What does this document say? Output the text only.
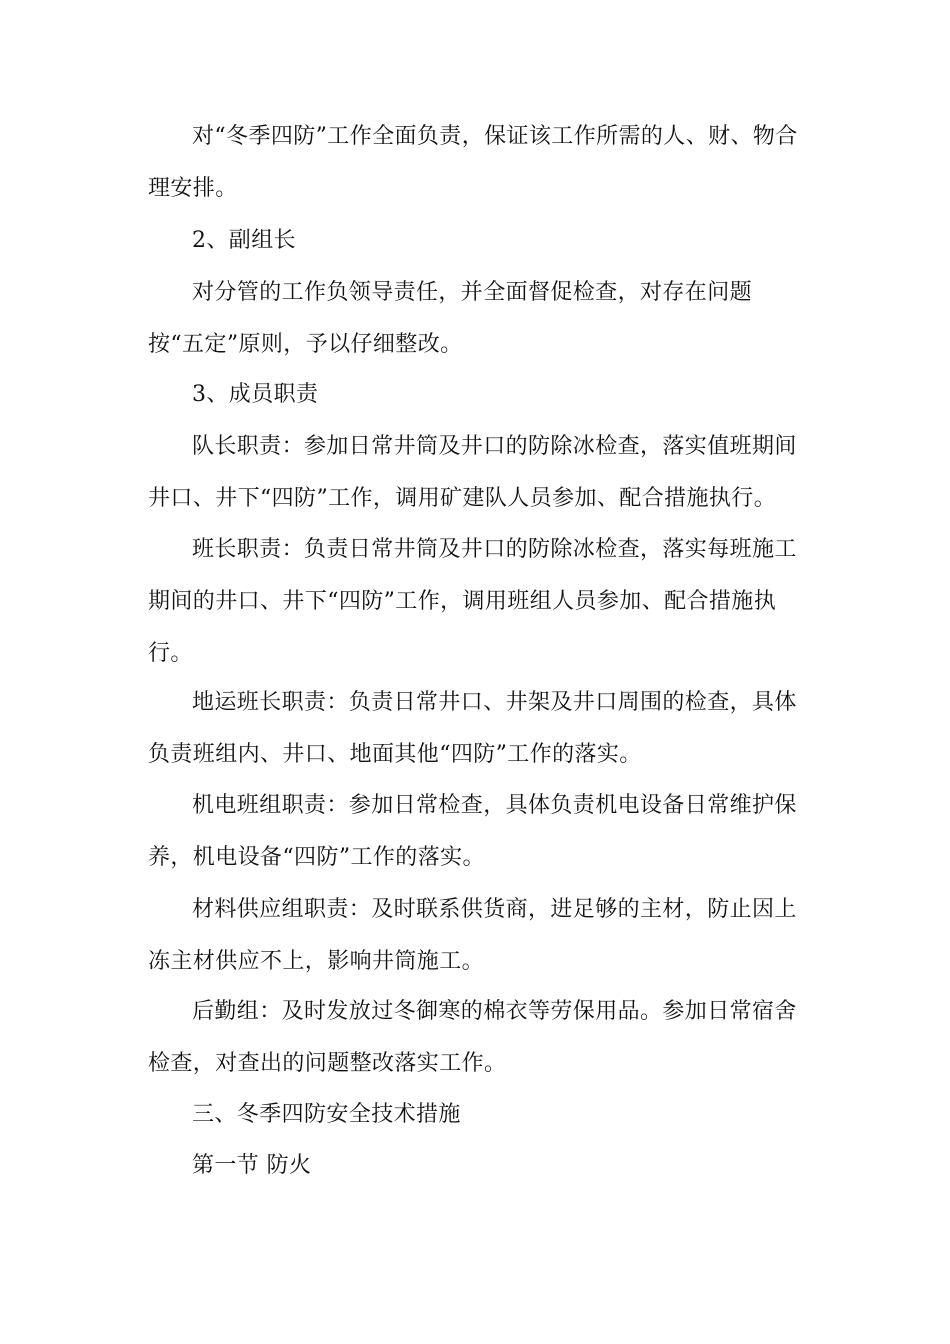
对“冬季四防”工作全面负责，保证该工作所需的人、财、物合
理安排。
2、副组长
对分管的工作负领导责任，并全面督促检查，对存在问题
按“五定”原则，予以仔细整改。
3、成员职责
队长职责：参加日常井筒及井口的防除冰检查，落实值班期间
井口、井下“四防”工作，调用矿建队人员参加、配合措施执行。
班长职责：负责日常井筒及井口的防除冰检查，落实每班施工
期间的井口、井下“四防”工作，调用班组人员参加、配合措施执
行。
地运班长职责：负责日常井口、井架及井口周围的检查，具体
负责班组内、井口、地面其他“四防”工作的落实。
机电班组职责：参加日常检查，具体负责机电设备日常维护保
养，机电设备“四防”工作的落实。
材料供应组职责：及时联系供货商，进足够的主材，防止因上
冻主材供应不上，影响井筒施工。
后勤组：及时发放过冬御寒的棉衣等劳保用品。参加日常宿舍
检查，对查出的问题整改落实工作。
三、冬季四防安全技术措施
第一节 防火
